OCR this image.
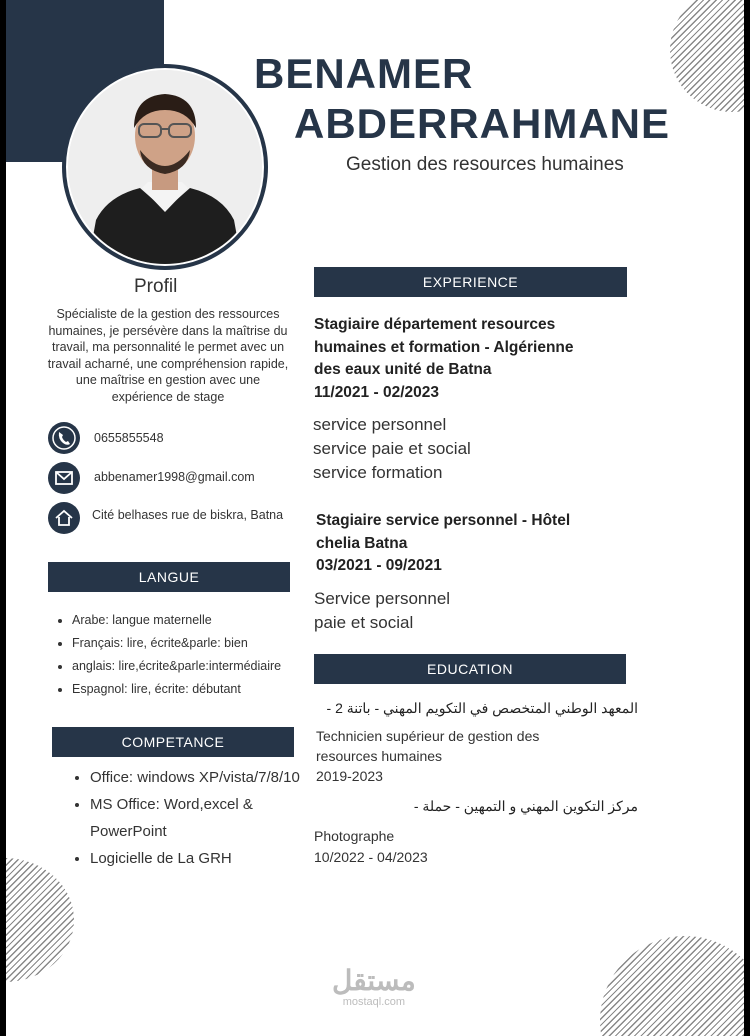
BENAMER
ABDERRAHMANE
Gestion des resources humaines
Profil
Spécialiste de la gestion des ressources humaines, je persévère dans la maîtrise du travail, ma personnalité le permet avec un travail acharné, une compréhension rapide, une maîtrise en gestion avec une expérience de stage
0655855548
abbenamer1998@gmail.com
Cité belhases rue de biskra, Batna
LANGUE
• Arabe: langue maternelle
• Français: lire, écrite&parle: bien
• anglais: lire,écrite&parle:intermédiaire
• Espagnol: lire, écrite: débutant
COMPETANCE
• Office: windows XP/vista/7/8/10
• MS Office: Word,excel & PowerPoint
• Logicielle de La GRH
EXPERIENCE
Stagiaire département resources
humaines et formation - Algérienne
des eaux unité de Batna
11/2021 - 02/2023
service personnel
service paie et social
service formation
Stagiaire service personnel - Hôtel
chelia Batna
03/2021 - 09/2021
Service personnel
paie et social
EDUCATION
المعهد الوطني المتخصص في التكويم المهني - باتنة 2 -
Technicien supérieur de gestion des
resources humaines
2019-2023
مركز التكوين المهني و التمهين - حملة -
Photographe
10/2022 - 04/2023
مستقل
mostaql.com
